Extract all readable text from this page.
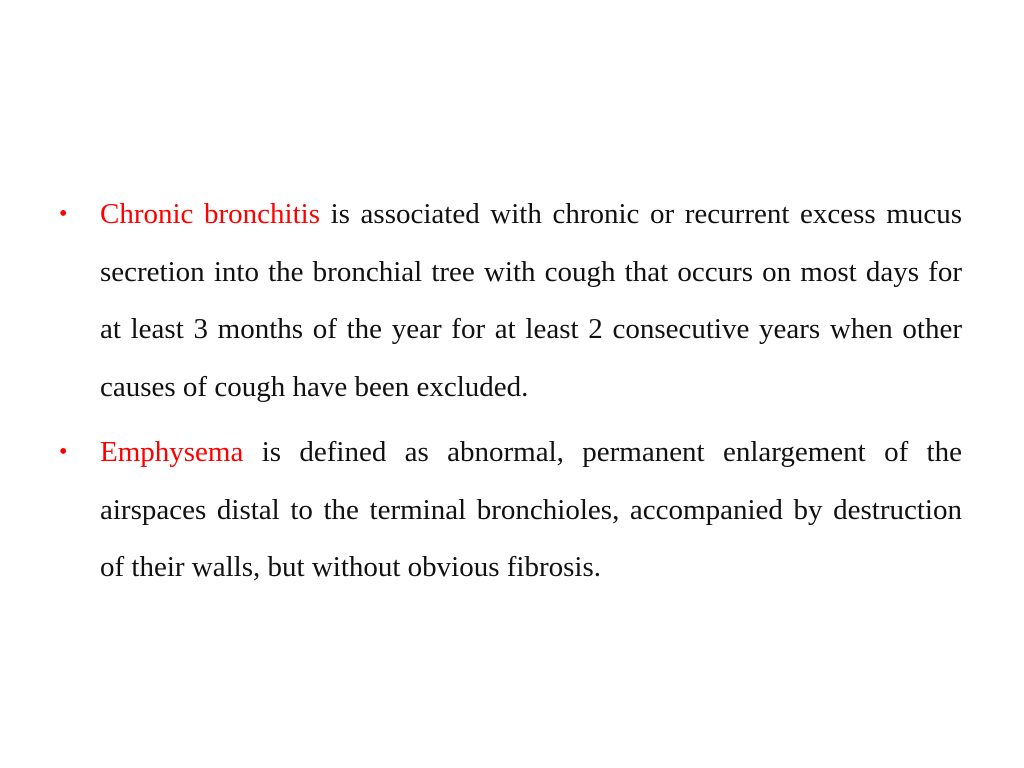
• Chronic bronchitis is associated with chronic or recurrent excess mucus secretion into the bronchial tree with cough that occurs on most days for at least 3 months of the year for at least 2 consecutive years when other causes of cough have been excluded.
• Emphysema is defined as abnormal, permanent enlargement of the airspaces distal to the terminal bronchioles, accompanied by destruction of their walls, but without obvious fibrosis.
